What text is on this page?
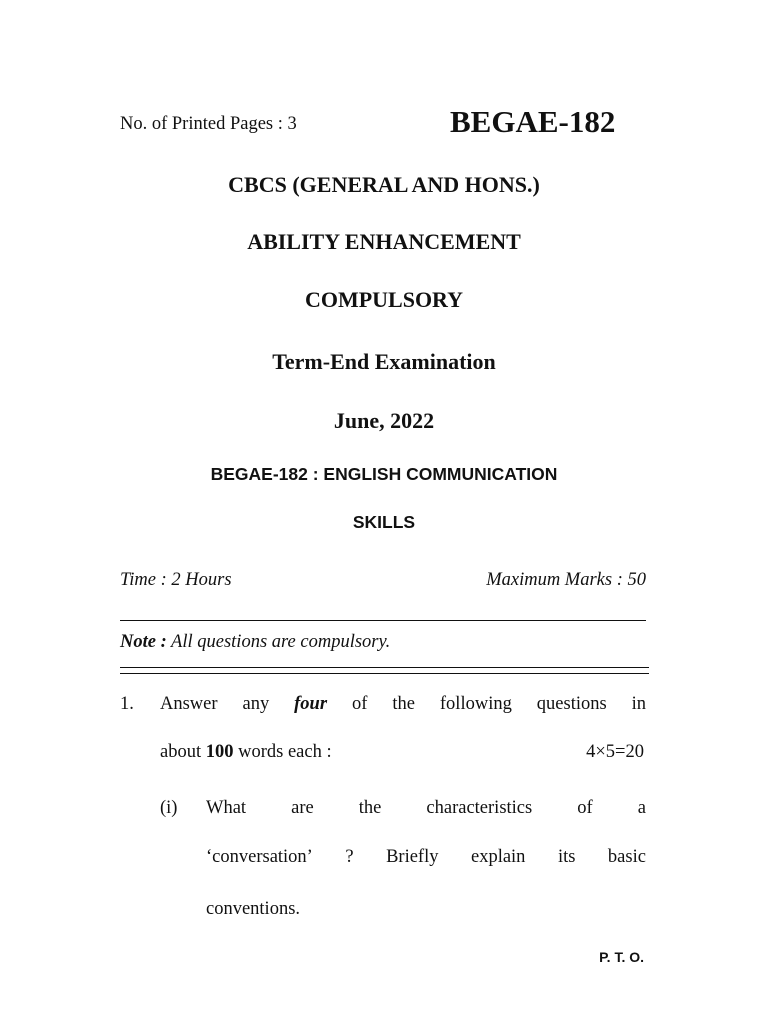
No. of Printed Pages : 3	BEGAE-182
CBCS (GENERAL AND HONS.)
ABILITY ENHANCEMENT
COMPULSORY
Term-End Examination
June, 2022
BEGAE-182 : ENGLISH COMMUNICATION
SKILLS
Time : 2 Hours	Maximum Marks : 50
Note : All questions are compulsory.
1. Answer any four of the following questions in
about 100 words each :	4×5=20
(i) What are the characteristics of a
‘conversation’ ? Briefly explain its basic
conventions.
P. T. O.
